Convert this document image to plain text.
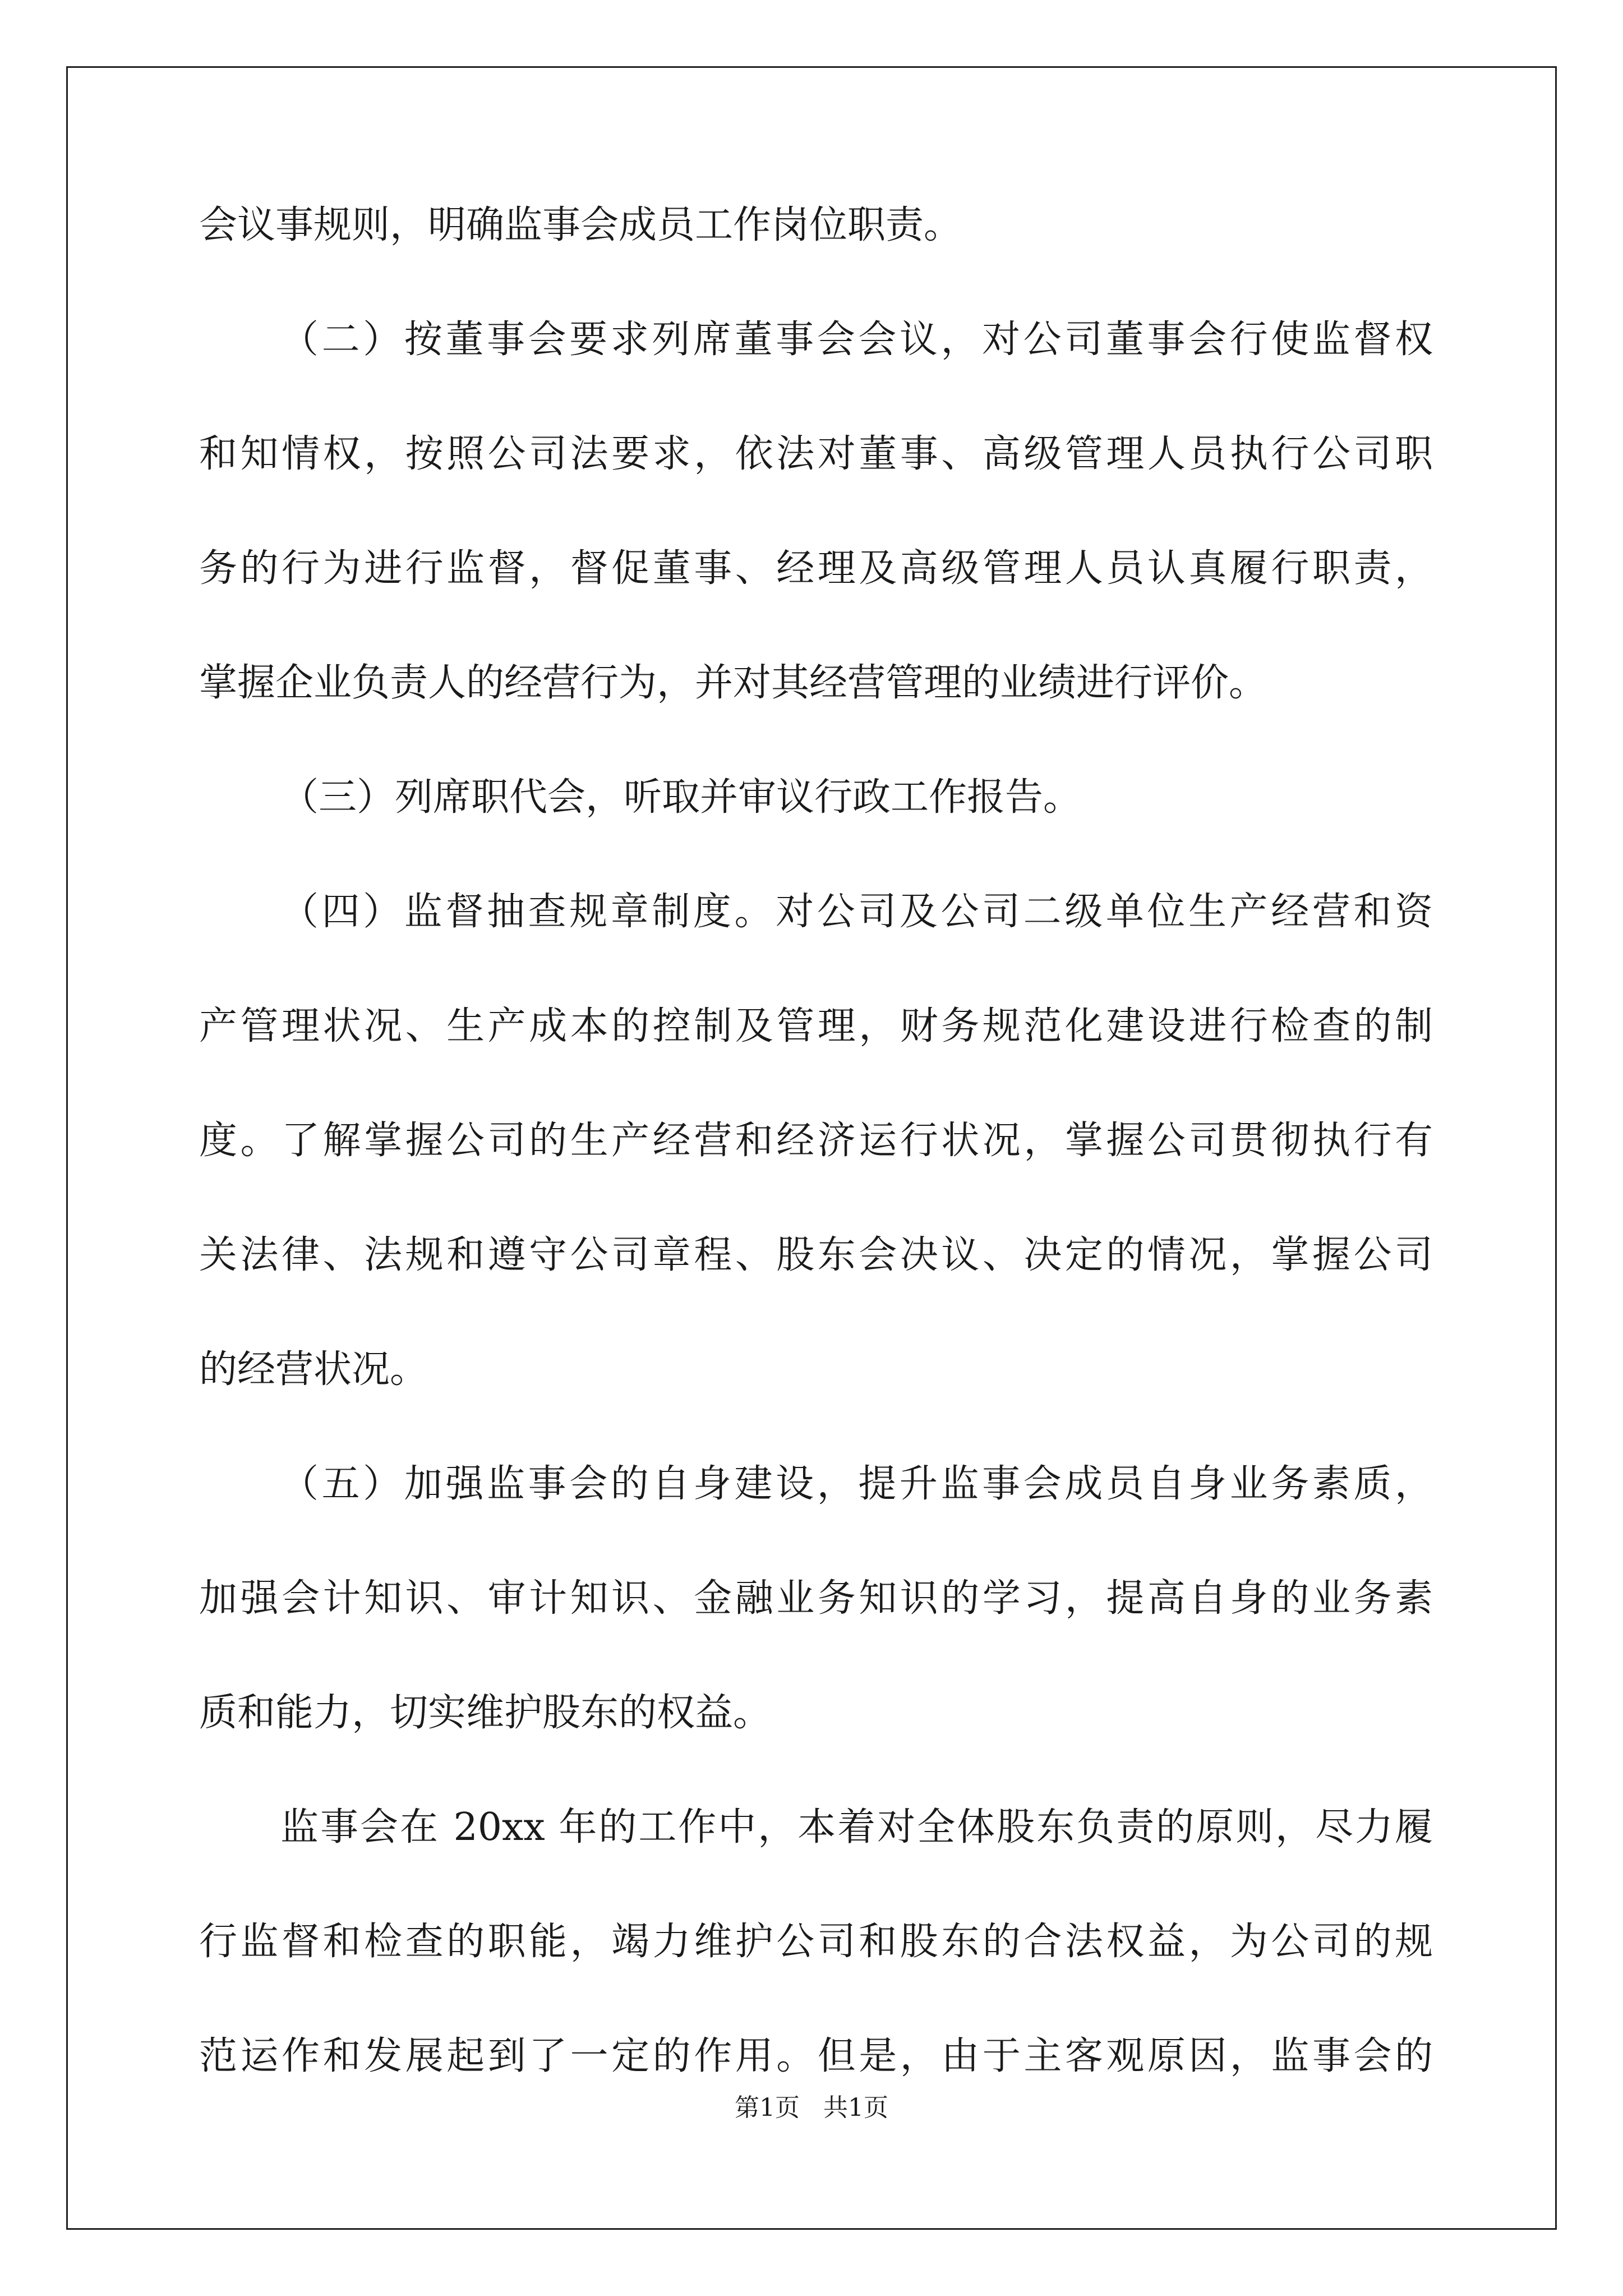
会议事规则，明确监事会成员工作岗位职责。
（二）按董事会要求列席董事会会议，对公司董事会行使监督权
和知情权，按照公司法要求，依法对董事、高级管理人员执行公司职
务的行为进行监督，督促董事、经理及高级管理人员认真履行职责，
掌握企业负责人的经营行为，并对其经营管理的业绩进行评价。
（三）列席职代会，听取并审议行政工作报告。
（四）监督抽查规章制度。对公司及公司二级单位生产经营和资
产管理状况、生产成本的控制及管理，财务规范化建设进行检查的制
度。了解掌握公司的生产经营和经济运行状况，掌握公司贯彻执行有
关法律、法规和遵守公司章程、股东会决议、决定的情况，掌握公司
的经营状况。
（五）加强监事会的自身建设，提升监事会成员自身业务素质，
加强会计知识、审计知识、金融业务知识的学习，提高自身的业务素
质和能力，切实维护股东的权益。
监事会在 20xx 年的工作中，本着对全体股东负责的原则，尽力履
行监督和检查的职能，竭力维护公司和股东的合法权益，为公司的规
范运作和发展起到了一定的作用。但是，由于主客观原因，监事会的
第1页 共1页
